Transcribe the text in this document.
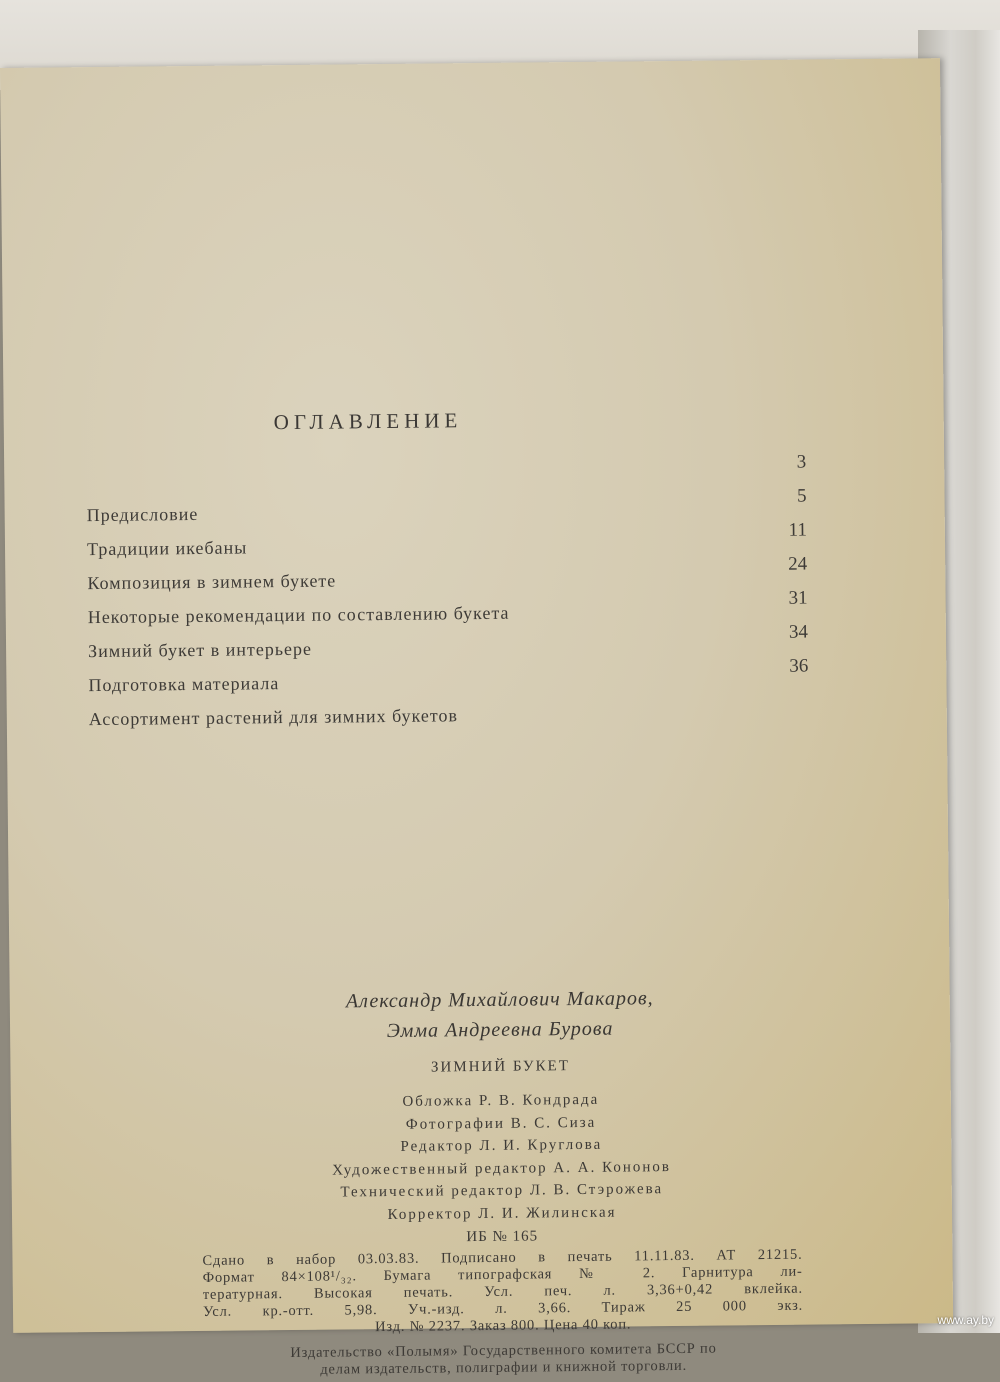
ОГЛАВЛЕНИЕ
3
Предисловие
5
Традиции икебаны
11
Композиция в зимнем букете
24
Некоторые рекомендации по составлению букета
31
Зимний букет в интерьере
34
Подготовка материала
36
Ассортимент растений для зимних букетов
Александр Михайлович Макаров,
Эмма Андреевна Бурова
ЗИМНИЙ БУКЕТ
Обложка Р. В. Кондрада
Фотографии В. С. Сиза
Редактор Л. И. Круглова
Художественный редактор А. А. Кононов
Технический редактор Л. В. Стэрожева
Корректор Л. И. Жилинская
ИБ № 165
Сдано в набор 03.03.83. Подписано в печать 11.11.83. АТ 21215.
Формат 84×108¹/₃₂. Бумага типографская № 2. Гарнитура ли-
тературная. Высокая печать. Усл. печ. л. 3,36+0,42 вклейка.
Усл. кр.-отт. 5,98. Уч.-изд. л. 3,66. Тираж 25 000 экз.
Изд. № 2237. Заказ 800. Цена 40 коп.
Издательство «Полымя» Государственного комитета БССР по
делам издательств, полиграфии и книжной торговли.
www.ay.by
